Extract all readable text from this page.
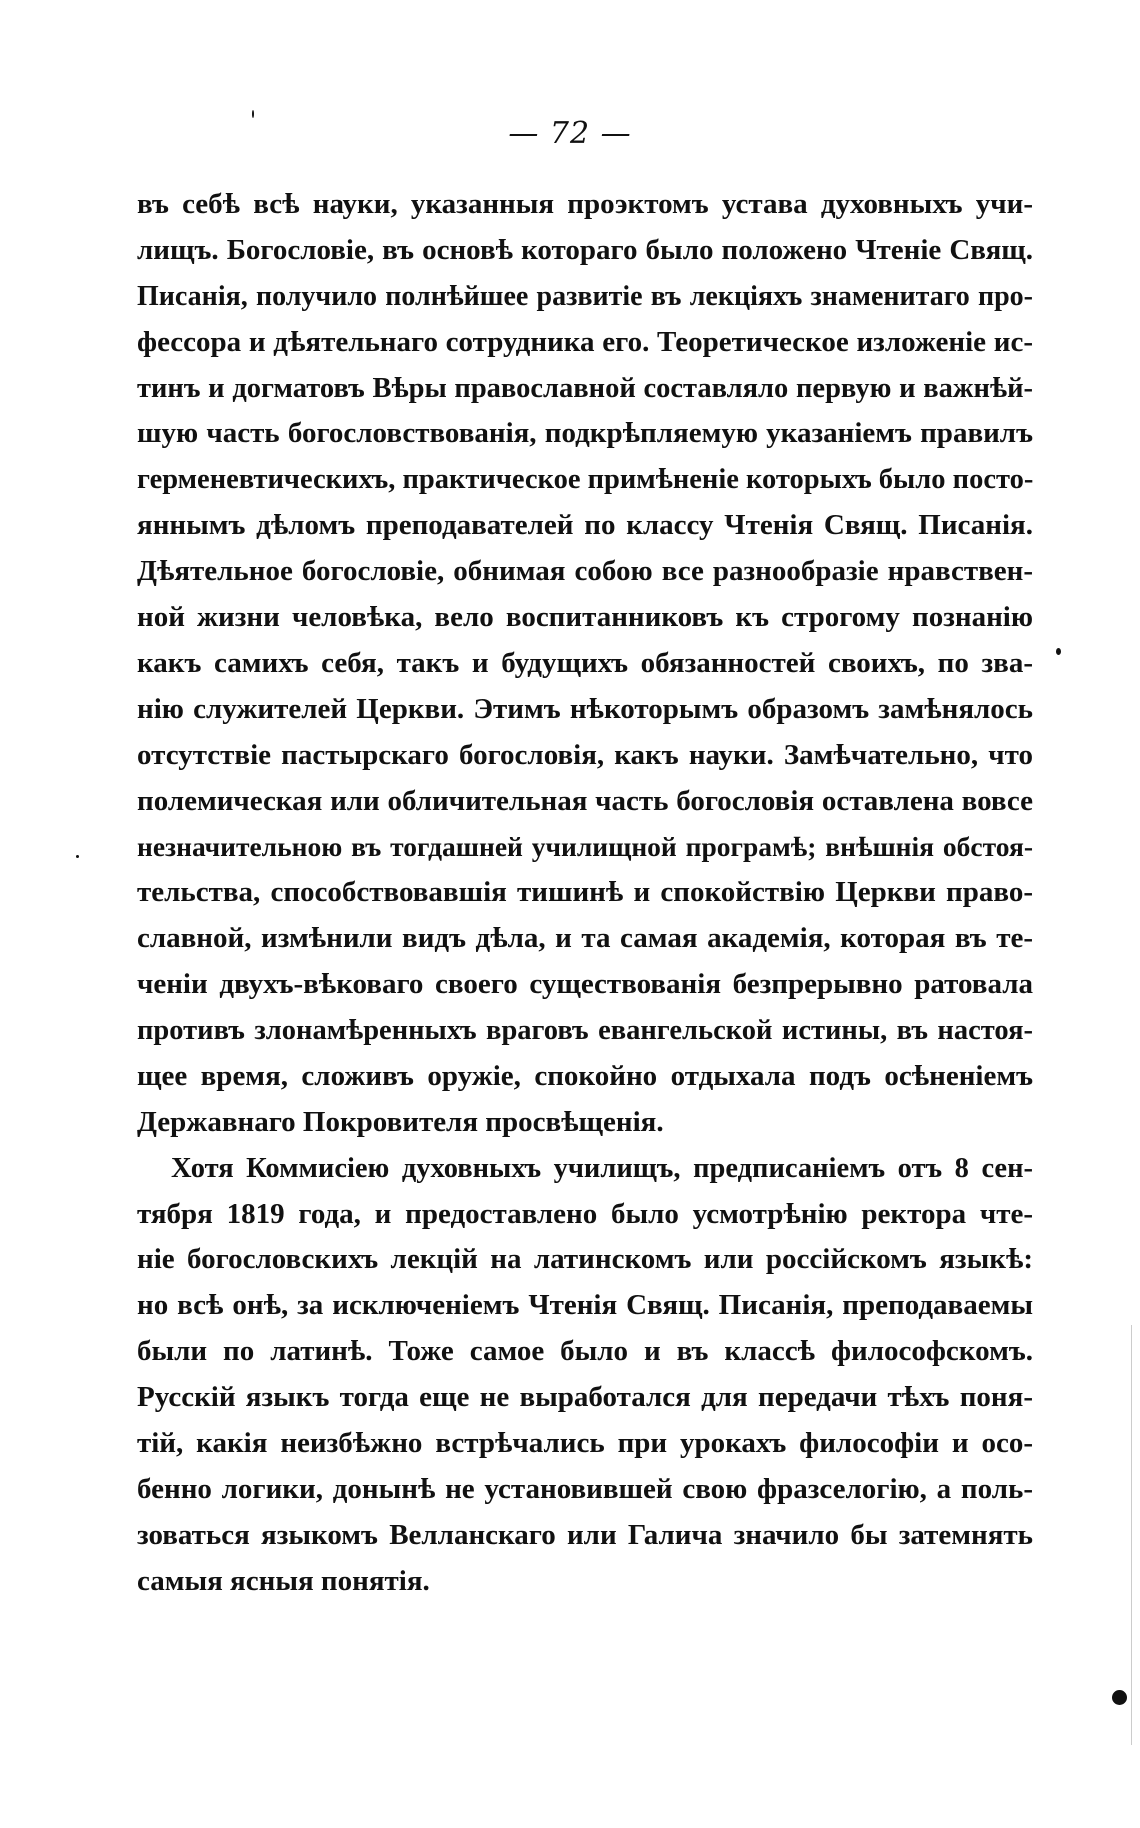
— 72 —
въ себѣ всѣ науки, указанныя проэктомъ устава духовныхъ учи-
лищъ. Богословіе, въ основѣ котораго было положено Чтеніе Свящ.
Писанія, получило полнѣйшее развитіе въ лекціяхъ знаменитаго про-
фессора и дѣятельнаго сотрудника его. Теоретическое изложеніе ис-
тинъ и догматовъ Вѣры православной составляло первую и важнѣй-
шую часть богословствованія, подкрѣпляемую указаніемъ правилъ
герменевтическихъ, практическое примѣненіе которыхъ было посто-
яннымъ дѣломъ преподавателей по классу Чтенія Свящ. Писанія.
Дѣятельное богословіе, обнимая собою все разнообразіе нравствен-
ной жизни человѣка, вело воспитанниковъ къ строгому познанію
какъ самихъ себя, такъ и будущихъ обязанностей своихъ, по зва-
нію служителей Церкви. Этимъ нѣкоторымъ образомъ замѣнялось
отсутствіе пастырскаго богословія, какъ науки. Замѣчательно, что
полемическая или обличительная часть богословія оставлена вовсе
незначительною въ тогдашней училищной програмѣ; внѣшнія обстоя-
тельства, способствовавшія тишинѣ и спокойствію Церкви право-
славной, измѣнили видъ дѣла, и та самая академія, которая въ те-
ченіи двухъ-вѣковаго своего существованія безпрерывно ратовала
противъ злонамѣренныхъ враговъ евангельской истины, въ настоя-
щее время, сложивъ оружіе, спокойно отдыхала подъ осѣненіемъ
Державнаго Покровителя просвѣщенія.
Хотя Коммисіею духовныхъ училищъ, предписаніемъ отъ 8 сен-
тября 1819 года, и предоставлено было усмотрѣнію ректора чте-
ніе богословскихъ лекцій на латинскомъ или россійскомъ языкѣ:
но всѣ онѣ, за исключеніемъ Чтенія Свящ. Писанія, преподаваемы
были по латинѣ. Тоже самое было и въ классѣ философскомъ.
Русскій языкъ тогда еще не выработался для передачи тѣхъ поня-
тій, какія неизбѣжно встрѣчались при урокахъ философіи и осо-
бенно логики, донынѣ не установившей свою фразселогію, а поль-
зоваться языкомъ Велланскаго или Галича значило бы затемнять
самыя ясныя понятія.
